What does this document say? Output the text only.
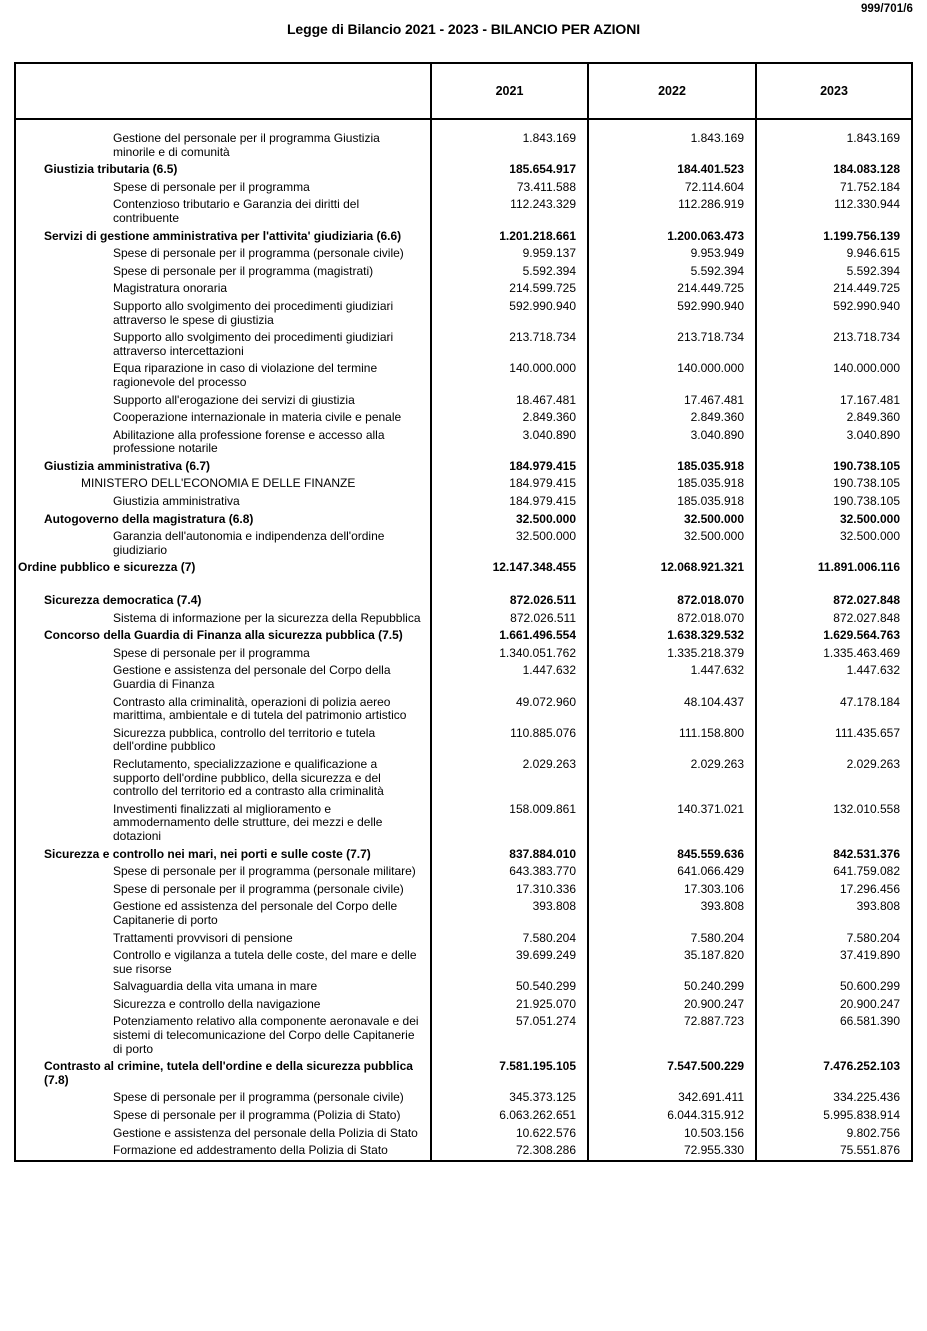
999/701/6
Legge di Bilancio 2021 - 2023 - BILANCIO PER AZIONI
	2021	2022	2023

Gestione del personale per il programma Giustizia minorile e di comunità	1.843.169	1.843.169	1.843.169
Giustizia tributaria (6.5)	185.654.917	184.401.523	184.083.128
Spese di personale per il programma	73.411.588	72.114.604	71.752.184
Contenzioso tributario e Garanzia dei diritti del contribuente	112.243.329	112.286.919	112.330.944
Servizi di gestione amministrativa per l'attivita' giudiziaria (6.6)	1.201.218.661	1.200.063.473	1.199.756.139
Spese di personale per il programma (personale civile)	9.959.137	9.953.949	9.946.615
Spese di personale per il programma (magistrati)	5.592.394	5.592.394	5.592.394
Magistratura onoraria	214.599.725	214.449.725	214.449.725
Supporto allo svolgimento dei procedimenti giudiziari attraverso le spese di giustizia	592.990.940	592.990.940	592.990.940
Supporto allo svolgimento dei procedimenti giudiziari attraverso intercettazioni	213.718.734	213.718.734	213.718.734
Equa riparazione in caso di violazione del termine ragionevole del processo	140.000.000	140.000.000	140.000.000
Supporto all'erogazione dei servizi di giustizia	18.467.481	17.467.481	17.167.481
Cooperazione internazionale in materia civile e penale	2.849.360	2.849.360	2.849.360
Abilitazione alla professione forense e accesso alla professione notarile	3.040.890	3.040.890	3.040.890
Giustizia amministrativa (6.7)	184.979.415	185.035.918	190.738.105
MINISTERO DELL'ECONOMIA E DELLE FINANZE	184.979.415	185.035.918	190.738.105
Giustizia amministrativa	184.979.415	185.035.918	190.738.105
Autogoverno della magistratura (6.8)	32.500.000	32.500.000	32.500.000
Garanzia dell'autonomia e indipendenza dell'ordine giudiziario	32.500.000	32.500.000	32.500.000
Ordine pubblico e sicurezza (7)	12.147.348.455	12.068.921.321	11.891.006.116

Sicurezza democratica (7.4)	872.026.511	872.018.070	872.027.848
Sistema di informazione per la sicurezza della Repubblica	872.026.511	872.018.070	872.027.848
Concorso della Guardia di Finanza alla sicurezza pubblica (7.5)	1.661.496.554	1.638.329.532	1.629.564.763
Spese di personale per il programma	1.340.051.762	1.335.218.379	1.335.463.469
Gestione e assistenza del personale del Corpo della Guardia di Finanza	1.447.632	1.447.632	1.447.632
Contrasto alla criminalità, operazioni di polizia aereo marittima, ambientale e di tutela del patrimonio artistico	49.072.960	48.104.437	47.178.184
Sicurezza pubblica, controllo del territorio e tutela dell'ordine pubblico	110.885.076	111.158.800	111.435.657
Reclutamento, specializzazione e qualificazione a supporto dell'ordine pubblico, della sicurezza e del controllo del territorio ed a contrasto alla criminalità	2.029.263	2.029.263	2.029.263
Investimenti finalizzati al miglioramento e ammodernamento delle strutture, dei mezzi e delle dotazioni	158.009.861	140.371.021	132.010.558
Sicurezza e controllo nei mari, nei porti e sulle coste (7.7)	837.884.010	845.559.636	842.531.376
Spese di personale per il programma (personale militare)	643.383.770	641.066.429	641.759.082
Spese di personale per il programma (personale civile)	17.310.336	17.303.106	17.296.456
Gestione ed assistenza del personale del Corpo delle Capitanerie di porto	393.808	393.808	393.808
Trattamenti provvisori di pensione	7.580.204	7.580.204	7.580.204
Controllo e vigilanza a tutela delle coste, del mare e delle sue risorse	39.699.249	35.187.820	37.419.890
Salvaguardia della vita umana in mare	50.540.299	50.240.299	50.600.299
Sicurezza e controllo della navigazione	21.925.070	20.900.247	20.900.247
Potenziamento relativo alla componente aeronavale e dei sistemi di telecomunicazione del Corpo delle Capitanerie di porto	57.051.274	72.887.723	66.581.390
Contrasto al crimine, tutela dell'ordine e della sicurezza pubblica (7.8)	7.581.195.105	7.547.500.229	7.476.252.103
Spese di personale per il programma (personale civile)	345.373.125	342.691.411	334.225.436
Spese di personale per il programma (Polizia di Stato)	6.063.262.651	6.044.315.912	5.995.838.914
Gestione e assistenza del personale della Polizia di Stato	10.622.576	10.503.156	9.802.756
Formazione ed addestramento della Polizia di Stato	72.308.286	72.955.330	75.551.876
